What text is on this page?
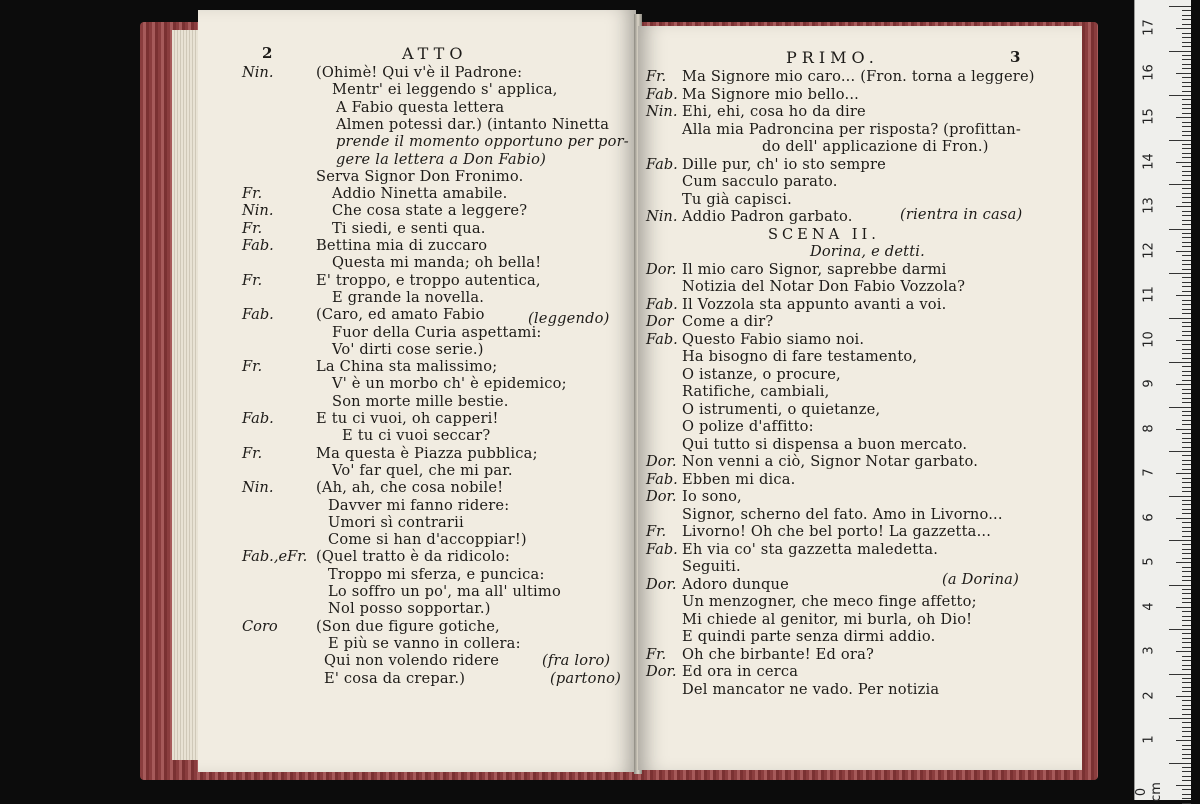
2	ATTO
Nin.	(Ohimè! Qui v'è il Padrone:
Mentr' ei leggendo s' applica,
A Fabio questa lettera
Almen potessi dar.) (intanto Ninetta
prende il momento opportuno per por-
gere la lettera a Don Fabio)
Serva Signor Don Fronimo.
Fr.	Addio Ninetta amabile.
Nin.	Che cosa state a leggere?
Fr.	Ti siedi, e senti qua.
Fab.	Bettina mia di zuccaro
Questa mi manda; oh bella!
Fr.	E' troppo, e troppo autentica,
E grande la novella.
Fab.	(Caro, ed amato Fabio
Fuor della Curia aspettami:
Vo' dirti cose serie.)
Fr.	La China sta malissimo;
V' è un morbo ch' è epidemico;
Son morte mille bestie.
Fab.	E tu ci vuoi, oh capperi!
E tu ci vuoi seccar?
Fr.	Ma questa è Piazza pubblica;
Vo' far quel, che mi par.
Nin.	(Ah, ah, che cosa nobile!
Davver mi fanno ridere:
Umori sì contrarii
Come si han d'accoppiar!)
Fab.,eFr. (Quel tratto è da ridicolo:
Troppo mi sferza, e puncica:
Lo soffro un po', ma all' ultimo
Nol posso sopportar.)
Coro	(Son due figure gotiche,
E più se vanno in collera:
Qui non volendo ridere
E' cosa da crepar.)
(leggendo)
(fra loro)
(partono)
PRIMO.	3
Fr. Ma Signore mio caro... (Fron. torna a leggere)
Fab. Ma Signore mio bello...
Nin. Ehi, ehi, cosa ho da dire
Alla mia Padroncina per risposta? (profittan-
do dell' applicazione di Fron.)
Fab. Dille pur, ch' io sto sempre
Cum sacculo parato.
Tu già capisci.
Nin. Addio Padron garbato.
SCENA II.
Dorina, e detti.
Dor. Il mio caro Signor, saprebbe darmi
Notizia del Notar Don Fabio Vozzola?
Fab. Il Vozzola sta appunto avanti a voi.
Dor Come a dir?
Fab. Questo Fabio siamo noi.
Ha bisogno di fare testamento,
O istanze, o procure,
Ratifiche, cambiali,
O istrumenti, o quietanze,
O polize d'affitto:
Qui tutto si dispensa a buon mercato.
Dor. Non venni a ciò, Signor Notar garbato.
Fab. Ebben mi dica.
Dor. Io sono,
Signor, scherno del fato. Amo in Livorno...
Fr. Livorno! Oh che bel porto! La gazzetta...
Fab. Eh via co' sta gazzetta maledetta.
Seguiti.
Dor. Adoro dunque
Un menzogner, che meco finge affetto;
Mi chiede al genitor, mi burla, oh Dio!
E quindi parte senza dirmi addio.
Fr. Oh che birbante! Ed ora?
Dor. Ed ora in cerca
Del mancator ne vado. Per notizia
(rientra in casa)
(a Dorina)
17
16
15
14
13
12
11
10
9
8
7
6
5
4
3
2
1
0 cm
